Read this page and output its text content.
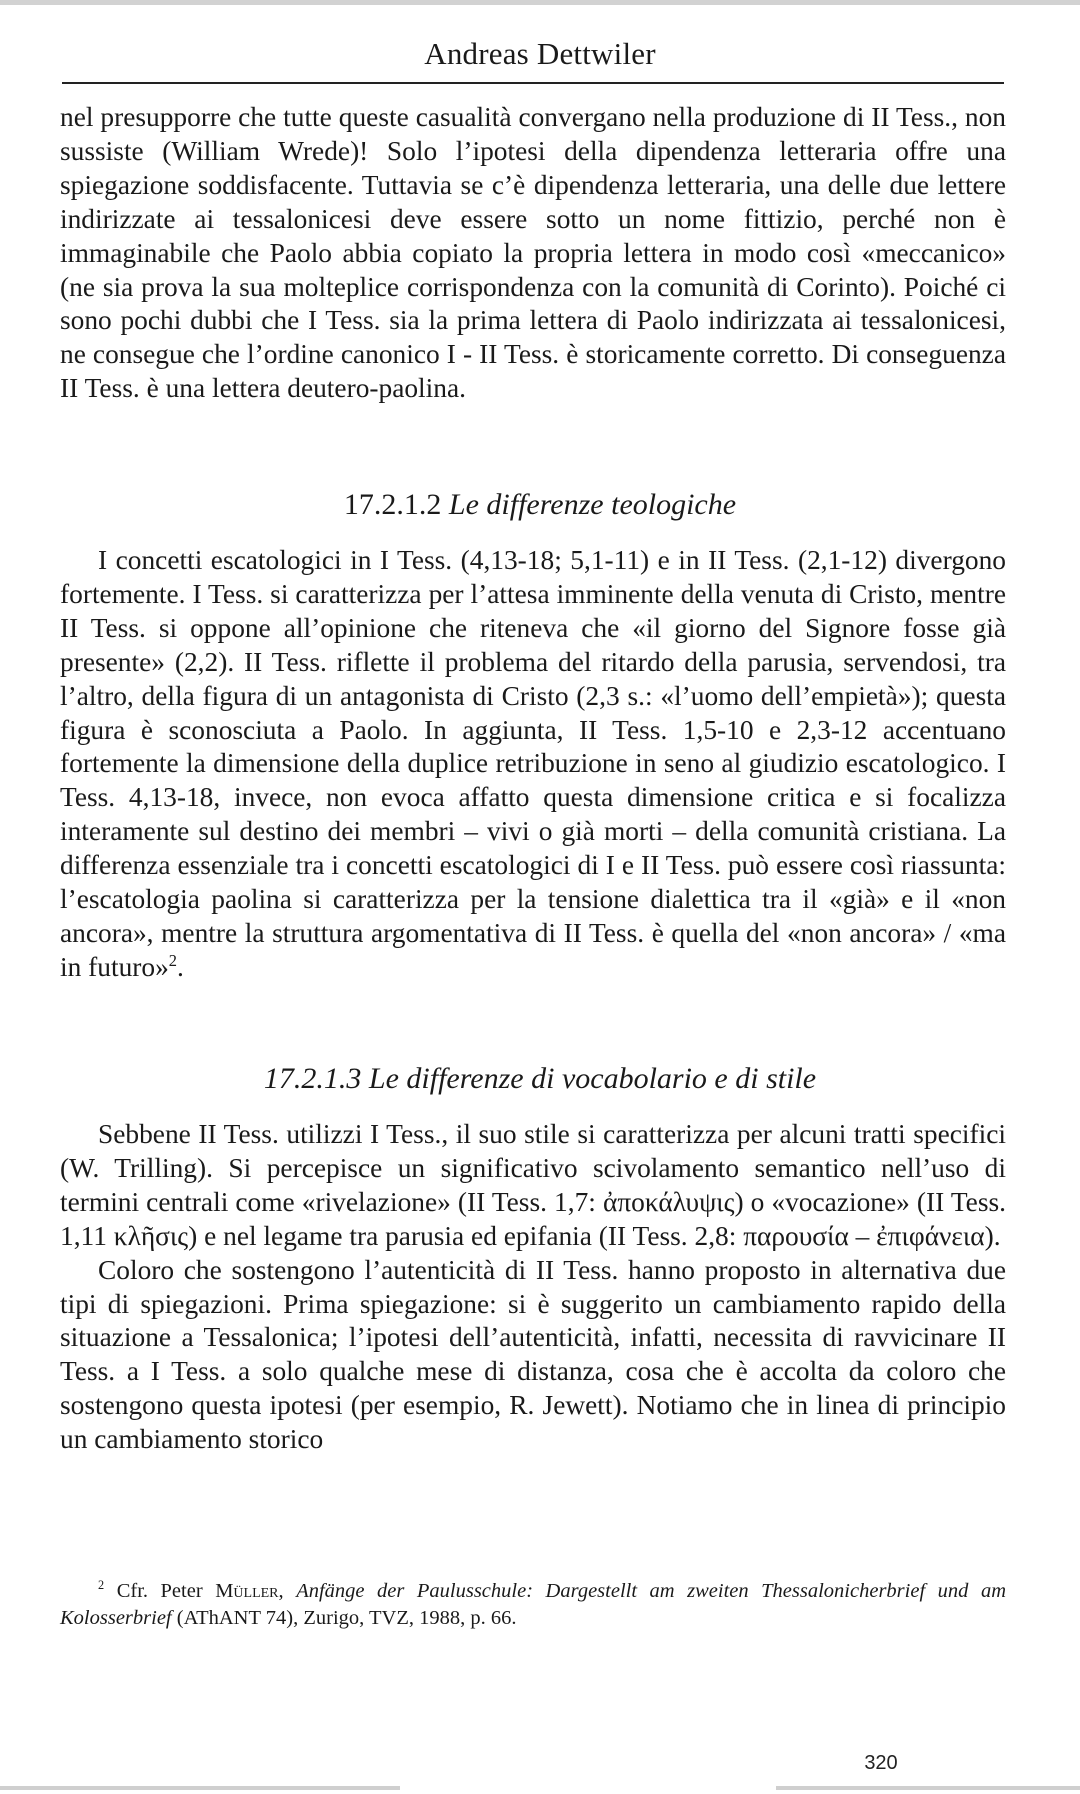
Andreas Dettwiler

nel presupporre che tutte queste casualità convergano nella produzione di II Tess., non sussiste (William Wrede)! Solo l’ipotesi della dipendenza letteraria offre una spiegazione soddisfacente. Tuttavia se c’è dipendenza letteraria, una delle due lettere indirizzate ai tessalonicesi deve essere sotto un nome fittizio, perché non è immaginabile che Paolo abbia copiato la propria lettera in modo così «meccanico» (ne sia prova la sua molteplice corrispondenza con la comunità di Corinto). Poiché ci sono pochi dubbi che I Tess. sia la prima lettera di Paolo indirizzata ai tessalonicesi, ne consegue che l’ordine canonico I - II Tess. è storicamente corretto. Di conseguenza II Tess. è una lettera deutero-paolina.

17.2.1.2 Le differenze teologiche

I concetti escatologici in I Tess. (4,13-18; 5,1-11) e in II Tess. (2,1-12) divergono fortemente. I Tess. si caratterizza per l’attesa imminente della venuta di Cristo, mentre II Tess. si oppone all’opinione che riteneva che «il giorno del Signore fosse già presente» (2,2). II Tess. riflette il problema del ritardo della parusia, servendosi, tra l’altro, della figura di un antagonista di Cristo (2,3 s.: «l’uomo dell’empietà»); questa figura è sconosciuta a Paolo. In aggiunta, II Tess. 1,5-10 e 2,3-12 accentuano fortemente la dimensione della duplice retribuzione in seno al giudizio escatologico. I Tess. 4,13-18, invece, non evoca affatto questa dimensione critica e si focalizza interamente sul destino dei membri – vivi o già morti – della comunità cristiana. La differenza essenziale tra i concetti escatologici di I e II Tess. può essere così riassunta: l’escatologia paolina si caratterizza per la tensione dialettica tra il «già» e il «non ancora», mentre la struttura argomentativa di II Tess. è quella del «non ancora» / «ma in futuro»$^2$.

17.2.1.3 Le differenze di vocabolario e di stile

Sebbene II Tess. utilizzi I Tess., il suo stile si caratterizza per alcuni tratti specifici (W. Trilling). Si percepisce un significativo scivolamento semantico nell’uso di termini centrali come «rivelazione» (II Tess. 1,7: ἀποκάλυψις) o «vocazione» (II Tess. 1,11 κλῆσις) e nel legame tra parusia ed epifania (II Tess. 2,8: παρουσία – ἐπιφάνεια).

Coloro che sostengono l’autenticità di II Tess. hanno proposto in alternativa due tipi di spiegazioni. Prima spiegazione: si è suggerito un cambiamento rapido della situazione a Tessalonica; l’ipotesi dell’autenticità, infatti, necessita di ravvicinare II Tess. a I Tess. a solo qualche mese di distanza, cosa che è accolta da coloro che sostengono questa ipotesi (per esempio, R. Jewett). Notiamo che in linea di principio un cambiamento storico

$^2$ Cfr. Peter Müller, Anfänge der Paulusschule: Dargestellt am zweiten Thessalonicherbrief und am Kolosserbrief (AThANT 74), Zurigo, TVZ, 1988, p. 66.
320
